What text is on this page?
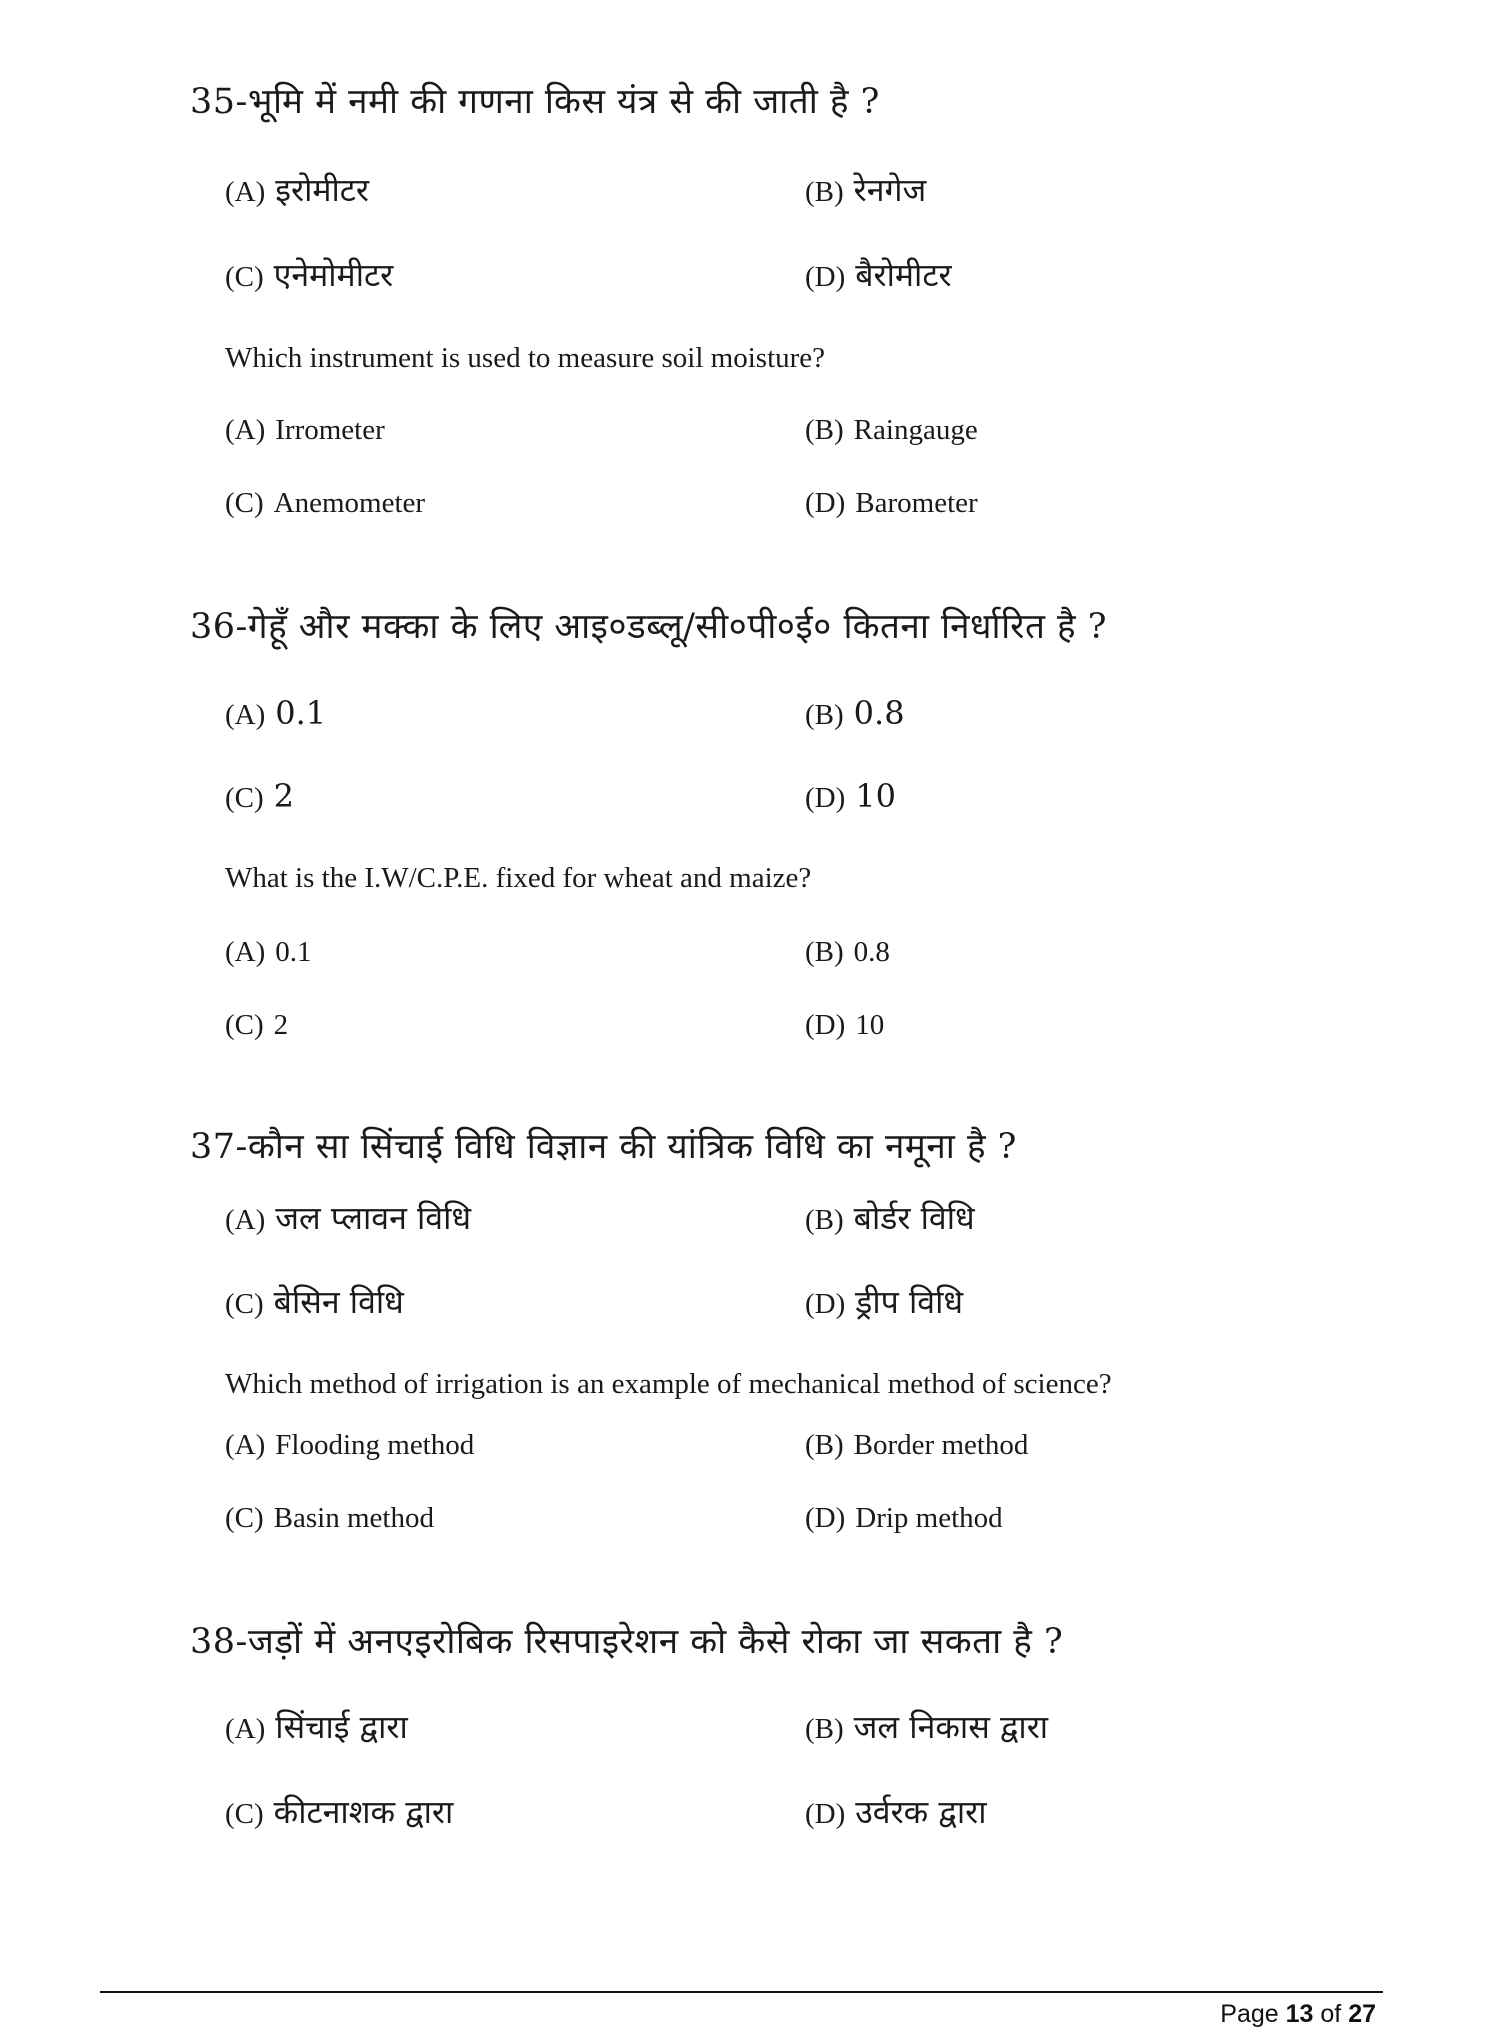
35-भूमि में नमी की गणना किस यंत्र से की जाती है ?
(A) इरोमीटर	(B) रेनगेज
(C) एनेमोमीटर	(D) बैरोमीटर
Which instrument is used to measure soil moisture?
(A) Irrometer	(B) Raingauge
(C) Anemometer	(D) Barometer
36-गेहूँ और मक्का के लिए आइ०डब्लू/सी०पी०ई० कितना निर्धारित है ?
(A) 0.1	(B) 0.8
(C) 2	(D) 10
What is the I.W/C.P.E. fixed for wheat and maize?
(A) 0.1	(B) 0.8
(C) 2	(D) 10
37-कौन सा सिंचाई विधि विज्ञान की यांत्रिक विधि का नमूना है ?
(A) जल प्लावन विधि	(B) बोर्डर विधि
(C) बेसिन विधि	(D) ड्रीप विधि
Which method of irrigation is an example of mechanical method of science?
(A) Flooding method	(B) Border method
(C) Basin method	(D) Drip method
38-जड़ों में अनएइरोबिक रिसपाइरेशन को कैसे रोका जा सकता है ?
(A) सिंचाई द्वारा	(B) जल निकास द्वारा
(C) कीटनाशक द्वारा	(D) उर्वरक द्वारा
Page 13 of 27
